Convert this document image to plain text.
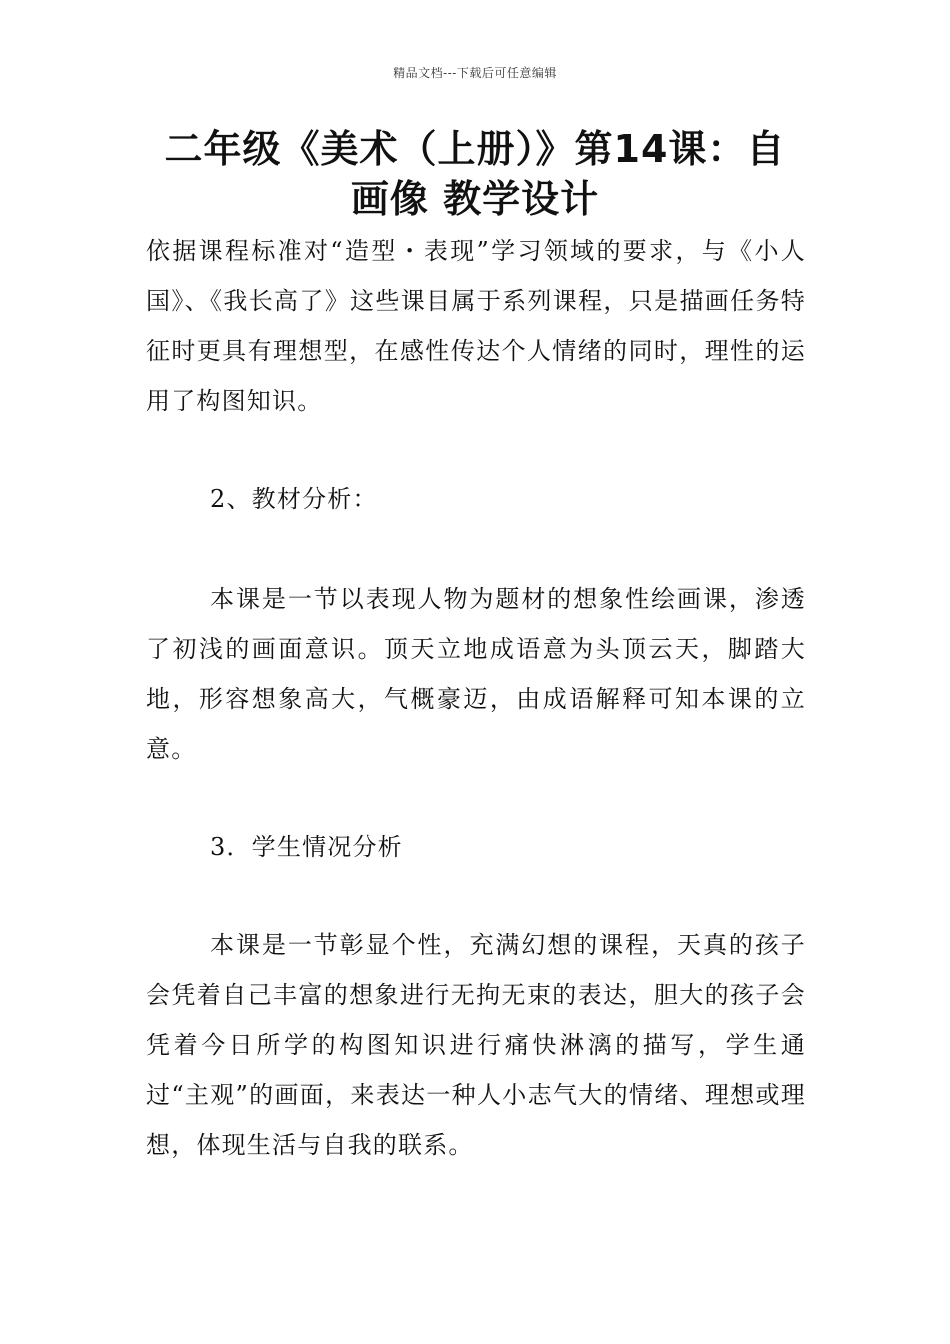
精品文档---下载后可任意编辑
二年级《美术（上册）》第14课：自画像 教学设计
依据课程标准对“造型・表现”学习领域的要求，与《小人国》、《我长高了》这些课目属于系列课程，只是描画任务特征时更具有理想型，在感性传达个人情绪的同时，理性的运用了构图知识。
2、教材分析：
本课是一节以表现人物为题材的想象性绘画课，渗透了初浅的画面意识。顶天立地成语意为头顶云天，脚踏大地，形容想象高大，气概豪迈，由成语解释可知本课的立意。
3．学生情况分析
本课是一节彰显个性，充满幻想的课程，天真的孩子会凭着自己丰富的想象进行无拘无束的表达，胆大的孩子会凭着今日所学的构图知识进行痛快淋漓的描写，学生通过“主观”的画面，来表达一种人小志气大的情绪、理想或理想，体现生活与自我的联系。
